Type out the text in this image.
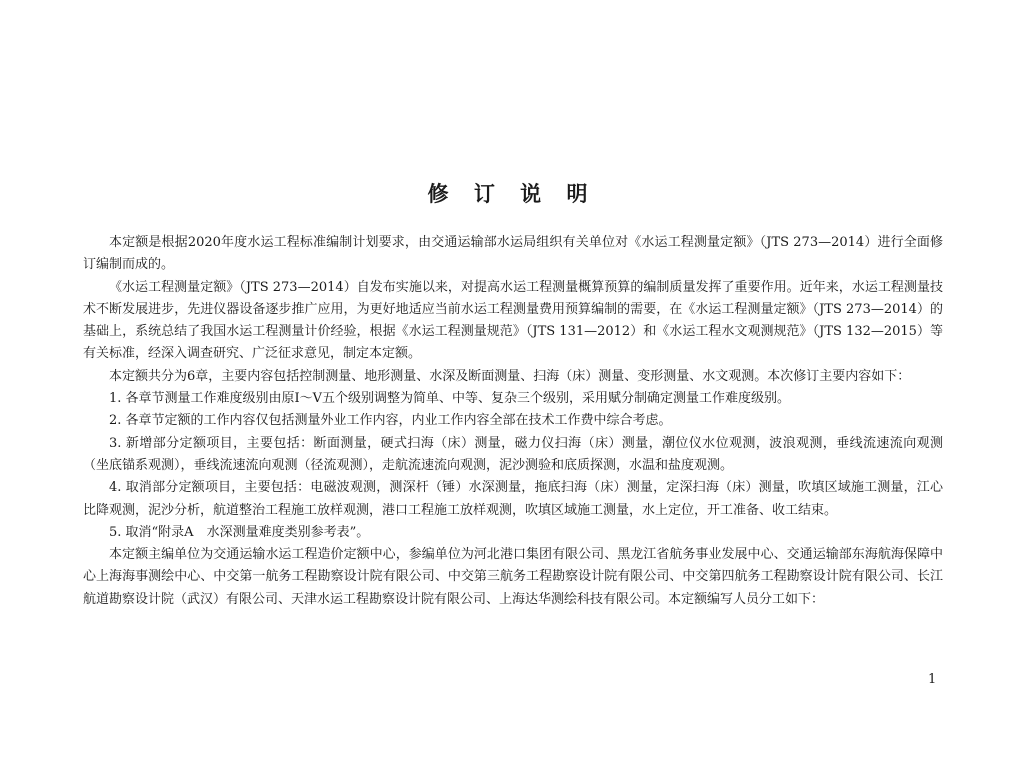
修 订 说 明

本定额是根据2020年度水运工程标准编制计划要求，由交通运输部水运局组织有关单位对《水运工程测量定额》（JTS 273—2014）进行全面修订编制而成的。

《水运工程测量定额》（JTS 273—2014）自发布实施以来，对提高水运工程测量概算预算的编制质量发挥了重要作用。近年来，水运工程测量技术不断发展进步，先进仪器设备逐步推广应用，为更好地适应当前水运工程测量费用预算编制的需要，在《水运工程测量定额》（JTS 273—2014）的基础上，系统总结了我国水运工程测量计价经验，根据《水运工程测量规范》（JTS 131—2012）和《水运工程水文观测规范》（JTS 132—2015）等有关标准，经深入调查研究、广泛征求意见，制定本定额。

本定额共分为6章，主要内容包括控制测量、地形测量、水深及断面测量、扫海（床）测量、变形测量、水文观测。本次修订主要内容如下：

1. 各章节测量工作难度级别由原Ⅰ～Ⅴ五个级别调整为简单、中等、复杂三个级别，采用赋分制确定测量工作难度级别。

2. 各章节定额的工作内容仅包括测量外业工作内容，内业工作内容全部在技术工作费中综合考虑。

3. 新增部分定额项目，主要包括：断面测量，硬式扫海（床）测量，磁力仪扫海（床）测量，潮位仪水位观测，波浪观测，垂线流速流向观测（坐底锚系观测），垂线流速流向观测（径流观测），走航流速流向观测，泥沙测验和底质探测，水温和盐度观测。

4. 取消部分定额项目，主要包括：电磁波观测，测深杆（锤）水深测量，拖底扫海（床）测量，定深扫海（床）测量，吹填区域施工测量，江心比降观测，泥沙分析，航道整治工程施工放样观测，港口工程施工放样观测，吹填区域施工测量，水上定位，开工准备、收工结束。

5. 取消“附录A　水深测量难度类别参考表”。

本定额主编单位为交通运输水运工程造价定额中心，参编单位为河北港口集团有限公司、黑龙江省航务事业发展中心、交通运输部东海航海保障中心上海海事测绘中心、中交第一航务工程勘察设计院有限公司、中交第三航务工程勘察设计院有限公司、中交第四航务工程勘察设计院有限公司、长江航道勘察设计院（武汉）有限公司、天津水运工程勘察设计院有限公司、上海达华测绘科技有限公司。本定额编写人员分工如下：

1
